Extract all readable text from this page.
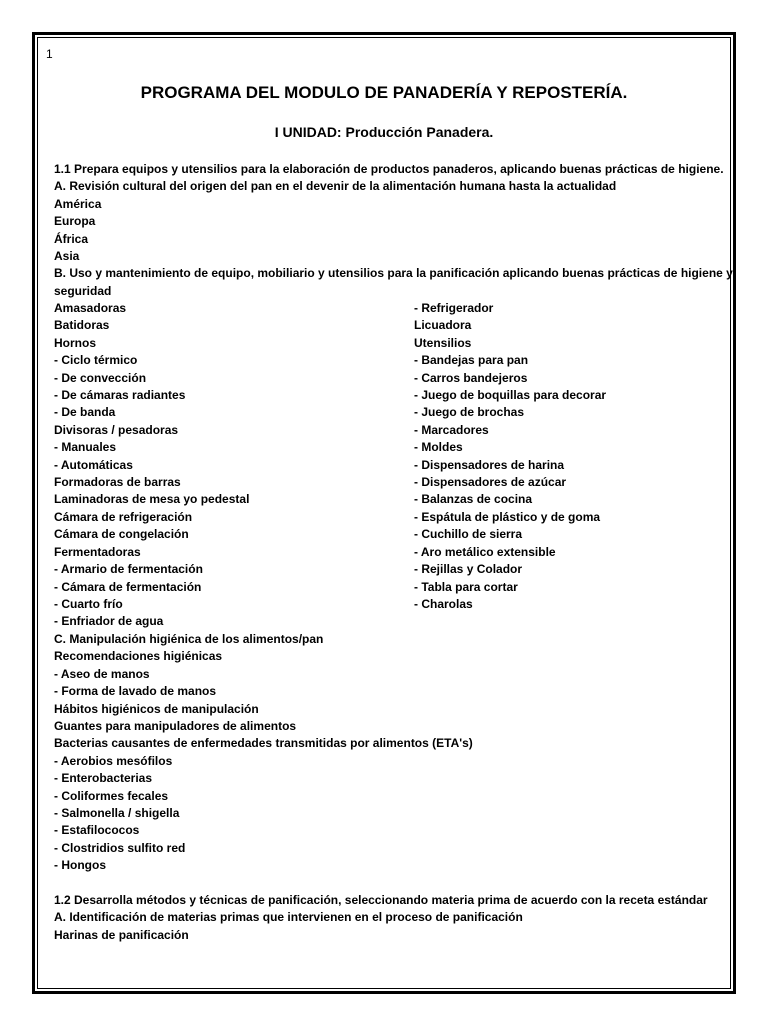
1
PROGRAMA DEL MODULO DE PANADERÍA Y REPOSTERÍA.
I UNIDAD: Producción Panadera.
1.1 Prepara equipos y utensilios para la elaboración de productos panaderos, aplicando buenas prácticas de higiene.
A. Revisión cultural del origen del pan en el devenir de la alimentación humana hasta la actualidad
América
Europa
África
Asia
B. Uso y mantenimiento de equipo, mobiliario y utensilios para la panificación aplicando buenas prácticas de higiene y
seguridad
Amasadoras
Batidoras
Hornos
- Ciclo térmico
- De convección
- De cámaras radiantes
- De banda
Divisoras / pesadoras
- Manuales
- Automáticas
Formadoras de barras
Laminadoras de mesa yo pedestal
Cámara de refrigeración
Cámara de congelación
Fermentadoras
- Armario de fermentación
- Cámara de fermentación
- Cuarto frío
- Enfriador de agua
- Refrigerador
Licuadora
Utensilios
- Bandejas para pan
- Carros bandejeros
- Juego de boquillas para decorar
- Juego de brochas
- Marcadores
- Moldes
- Dispensadores de harina
- Dispensadores de azúcar
- Balanzas de cocina
- Espátula de plástico y de goma
- Cuchillo de sierra
- Aro metálico extensible
- Rejillas y Colador
- Tabla para cortar
- Charolas
C. Manipulación higiénica de los alimentos/pan
Recomendaciones higiénicas
- Aseo de manos
- Forma de lavado de manos
Hábitos higiénicos de manipulación
Guantes para manipuladores de alimentos
Bacterias causantes de enfermedades transmitidas por alimentos (ETA's)
- Aerobios mesófilos
- Enterobacterias
- Coliformes fecales
- Salmonella / shigella
- Estafilococos
- Clostridios sulfito red
- Hongos
1.2 Desarrolla métodos y técnicas de panificación, seleccionando materia prima de acuerdo con la receta estándar
A. Identificación de materias primas que intervienen en el proceso de panificación
Harinas de panificación
